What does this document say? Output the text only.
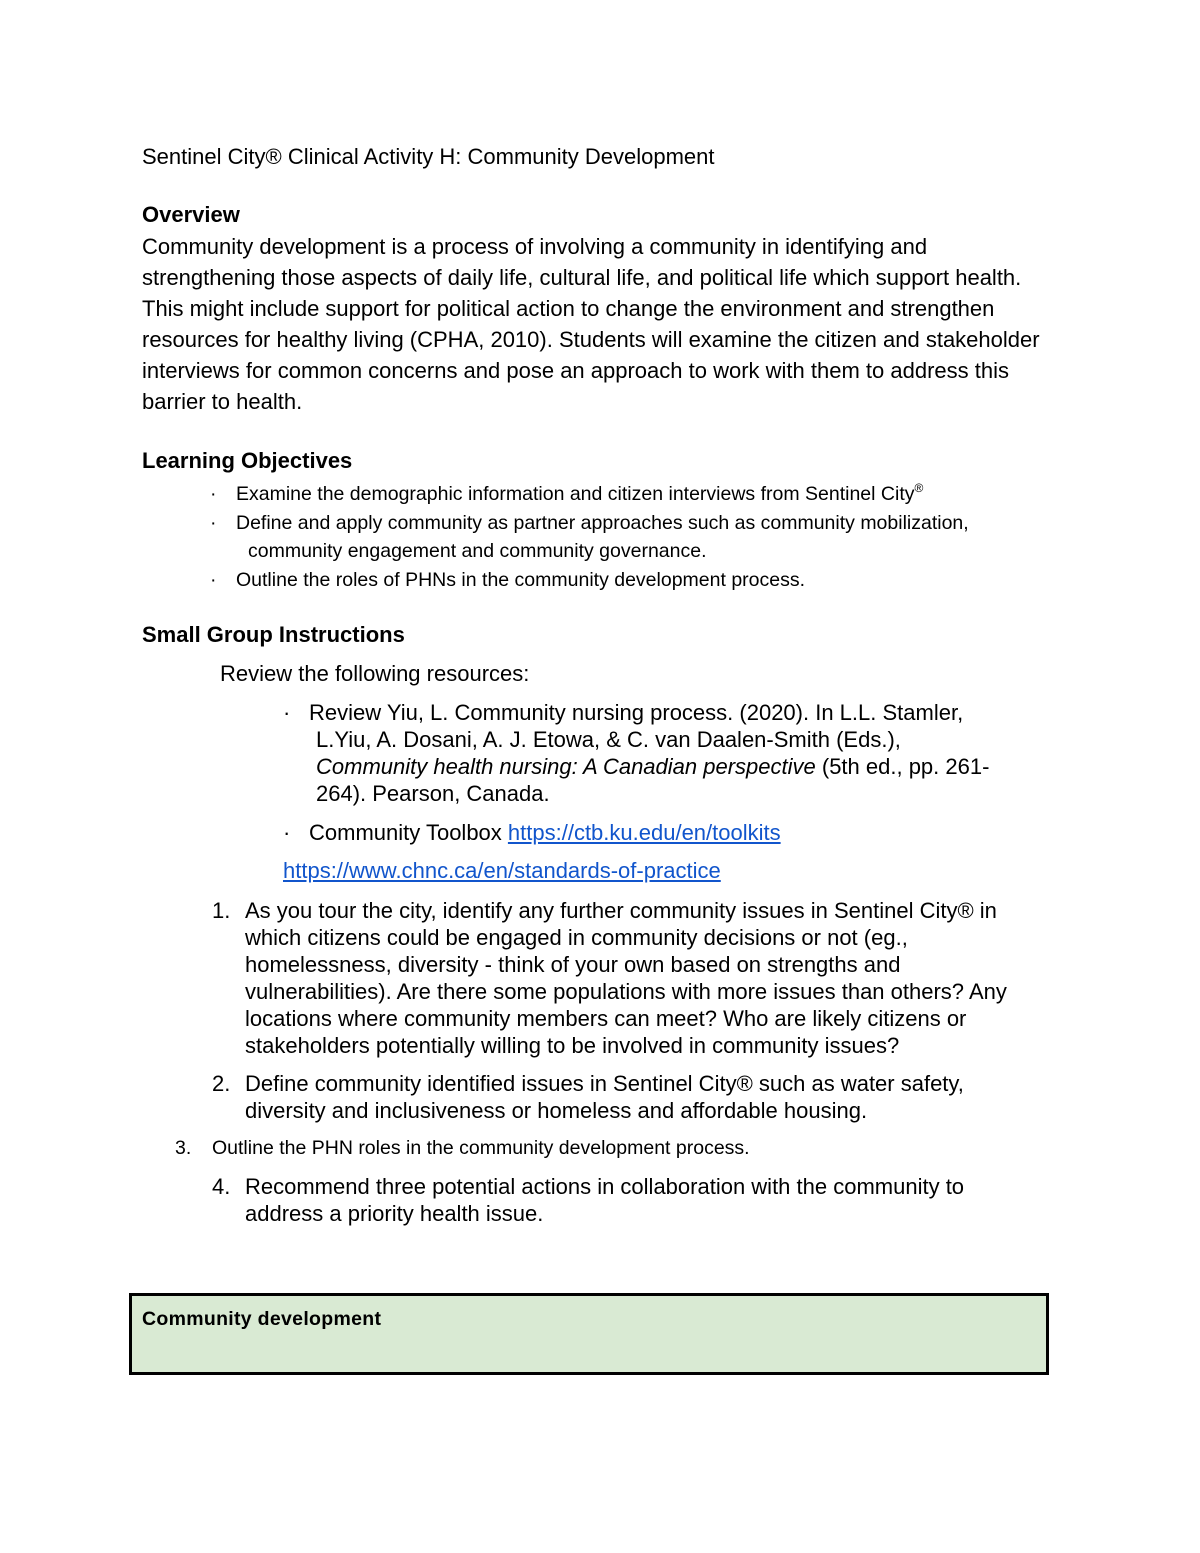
Sentinel City® Clinical Activity H: Community Development
Overview
Community development is a process of involving a community in identifying and strengthening those aspects of daily life, cultural life, and political life which support health. This might include support for political action to change the environment and strengthen resources for healthy living (CPHA, 2010). Students will examine the citizen and stakeholder interviews for common concerns and pose an approach to work with them to address this barrier to health.
Learning Objectives
· Examine the demographic information and citizen interviews from Sentinel City®
· Define and apply community as partner approaches such as community mobilization,
community engagement and community governance.
· Outline the roles of PHNs in the community development process.
Small Group Instructions
Review the following resources:
· Review Yiu, L. Community nursing process. (2020). In L.L. Stamler,
L.Yiu, A. Dosani, A. J. Etowa, & C. van Daalen-Smith (Eds.),
Community health nursing: A Canadian perspective (5th ed., pp. 261-
264). Pearson, Canada.
· Community Toolbox https://ctb.ku.edu/en/toolkits
https://www.chnc.ca/en/standards-of-practice
1. As you tour the city, identify any further community issues in Sentinel City® in which citizens could be engaged in community decisions or not (eg., homelessness, diversity - think of your own based on strengths and vulnerabilities). Are there some populations with more issues than others? Any locations where community members can meet? Who are likely citizens or stakeholders potentially willing to be involved in community issues?
2. Define community identified issues in Sentinel City® such as water safety, diversity and inclusiveness or homeless and affordable housing.
3. Outline the PHN roles in the community development process.
4. Recommend three potential actions in collaboration with the community to address a priority health issue.
Community development
